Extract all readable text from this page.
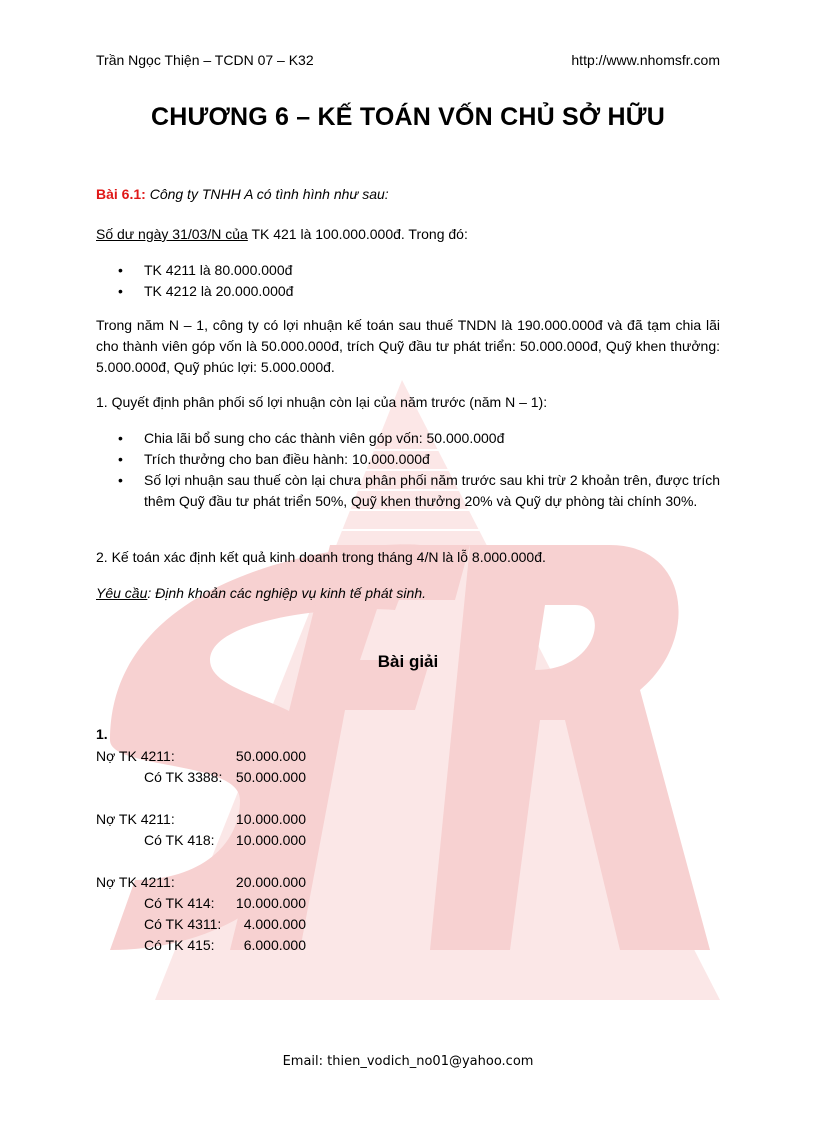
Trần Ngọc Thiện – TCDN 07 – K32	http://www.nhomsfr.com
CHƯƠNG 6 – KẾ TOÁN VỐN CHỦ SỞ HỮU
Bài 6.1: Công ty TNHH A có tình hình như sau:
Số dư ngày 31/03/N của TK 421 là 100.000.000đ. Trong đó:
• TK 4211 là 80.000.000đ
• TK 4212 là 20.000.000đ
Trong năm N – 1, công ty có lợi nhuận kế toán sau thuế TNDN là 190.000.000đ và đã tạm chia lãi cho thành viên góp vốn là 50.000.000đ, trích Quỹ đầu tư phát triển: 50.000.000đ, Quỹ khen thưởng: 5.000.000đ, Quỹ phúc lợi: 5.000.000đ.
1. Quyết định phân phối số lợi nhuận còn lại của năm trước (năm N – 1):
• Chia lãi bổ sung cho các thành viên góp vốn: 50.000.000đ
• Trích thưởng cho ban điều hành: 10.000.000đ
• Số lợi nhuận sau thuế còn lại chưa phân phối năm trước sau khi trừ 2 khoản trên, được trích thêm Quỹ đầu tư phát triển 50%, Quỹ khen thưởng 20% và Quỹ dự phòng tài chính 30%.
2. Kế toán xác định kết quả kinh doanh trong tháng 4/N là lỗ 8.000.000đ.
Yêu cầu: Định khoản các nghiệp vụ kinh tế phát sinh.
Bài giải
1.
Nợ TK 4211:	50.000.000
Có TK 3388: 50.000.000
Nợ TK 4211:	10.000.000
Có TK 418:	10.000.000
Nợ TK 4211:	20.000.000
Có TK 414:	10.000.000
Có TK 4311:	4.000.000
Có TK 415:	6.000.000
Email: thien_vodich_no01@yahoo.com
